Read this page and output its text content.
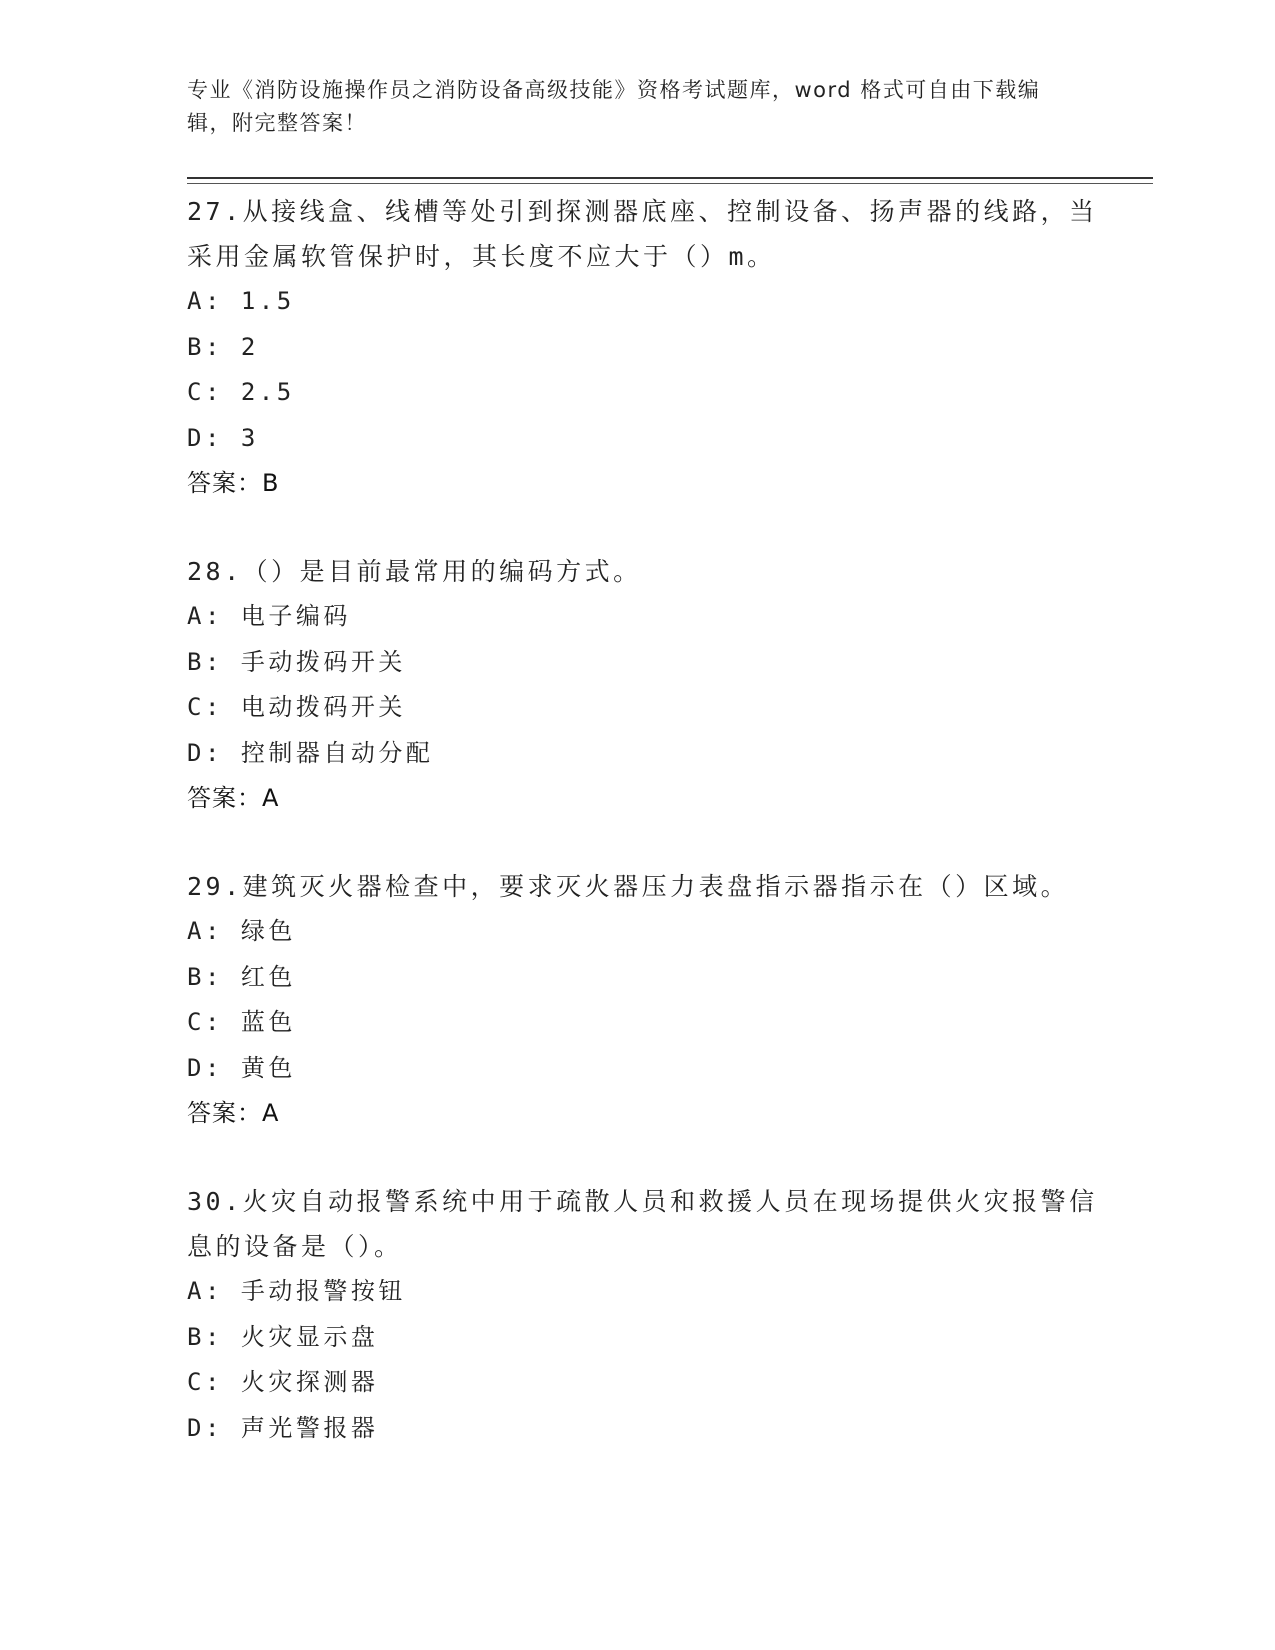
专业《消防设施操作员之消防设备高级技能》资格考试题库，word 格式可自由下载编辑，附完整答案！

27.从接线盒、线槽等处引到探测器底座、控制设备、扬声器的线路，当采用金属软管保护时，其长度不应大于（）m。

A: 1.5

B: 2

C: 2.5

D: 3

答案：B

28.（）是目前最常用的编码方式。

A: 电子编码

B: 手动拨码开关

C: 电动拨码开关

D: 控制器自动分配

答案：A

29.建筑灭火器检查中，要求灭火器压力表盘指示器指示在（）区域。

A: 绿色

B: 红色

C: 蓝色

D: 黄色

答案：A

30.火灾自动报警系统中用于疏散人员和救援人员在现场提供火灾报警信息的设备是（）。

A: 手动报警按钮

B: 火灾显示盘

C: 火灾探测器

D: 声光警报器
